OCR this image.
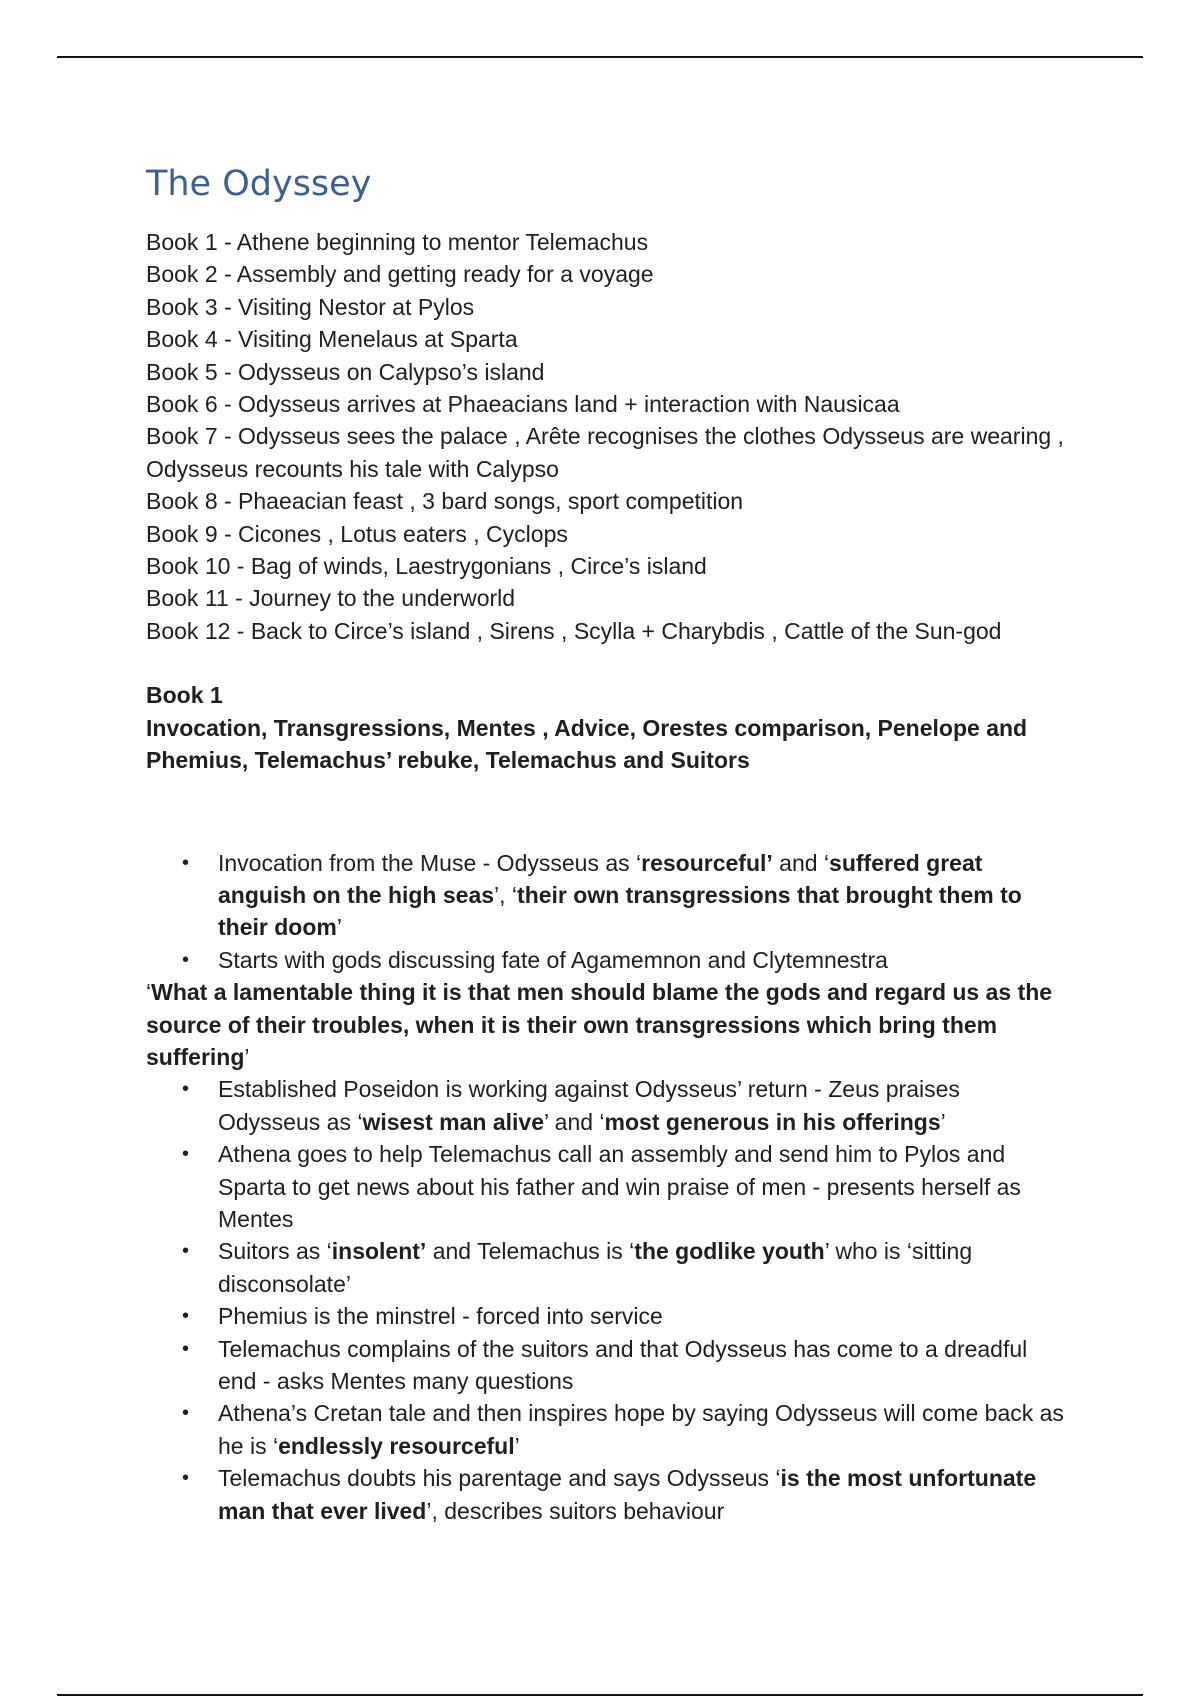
The Odyssey
Book 1 - Athene beginning to mentor Telemachus
Book 2 - Assembly and getting ready for a voyage
Book 3 - Visiting Nestor at Pylos
Book 4 - Visiting Menelaus at Sparta
Book 5 - Odysseus on Calypso’s island
Book 6 - Odysseus arrives at Phaeacians land + interaction with Nausicaa
Book 7 - Odysseus sees the palace , Arête recognises the clothes Odysseus are wearing , Odysseus recounts his tale with Calypso
Book 8 - Phaeacian feast , 3 bard songs, sport competition
Book 9 - Cicones , Lotus eaters , Cyclops
Book 10 - Bag of winds, Laestrygonians , Circe’s island
Book 11 - Journey to the underworld
Book 12 - Back to Circe’s island , Sirens , Scylla + Charybdis , Cattle of the Sun-god
Book 1
Invocation, Transgressions, Mentes , Advice, Orestes comparison, Penelope and Phemius, Telemachus’ rebuke, Telemachus and Suitors
• Invocation from the Muse - Odysseus as ‘resourceful’ and ‘suffered great anguish on the high seas’, ‘their own transgressions that brought them to their doom’
• Starts with gods discussing fate of Agamemnon and Clytemnestra

‘What a lamentable thing it is that men should blame the gods and regard us as the source of their troubles, when it is their own transgressions which bring them suffering’

• Established Poseidon is working against Odysseus’ return - Zeus praises Odysseus as ‘wisest man alive’ and ‘most generous in his offerings’
• Athena goes to help Telemachus call an assembly and send him to Pylos and Sparta to get news about his father and win praise of men - presents herself as Mentes
• Suitors as ‘insolent’ and Telemachus is ‘the godlike youth’ who is ‘sitting disconsolate’
• Phemius is the minstrel - forced into service
• Telemachus complains of the suitors and that Odysseus has come to a dreadful end - asks Mentes many questions
• Athena’s Cretan tale and then inspires hope by saying Odysseus will come back as he is ‘endlessly resourceful’
• Telemachus doubts his parentage and says Odysseus ‘is the most unfortunate man that ever lived’, describes suitors behaviour
